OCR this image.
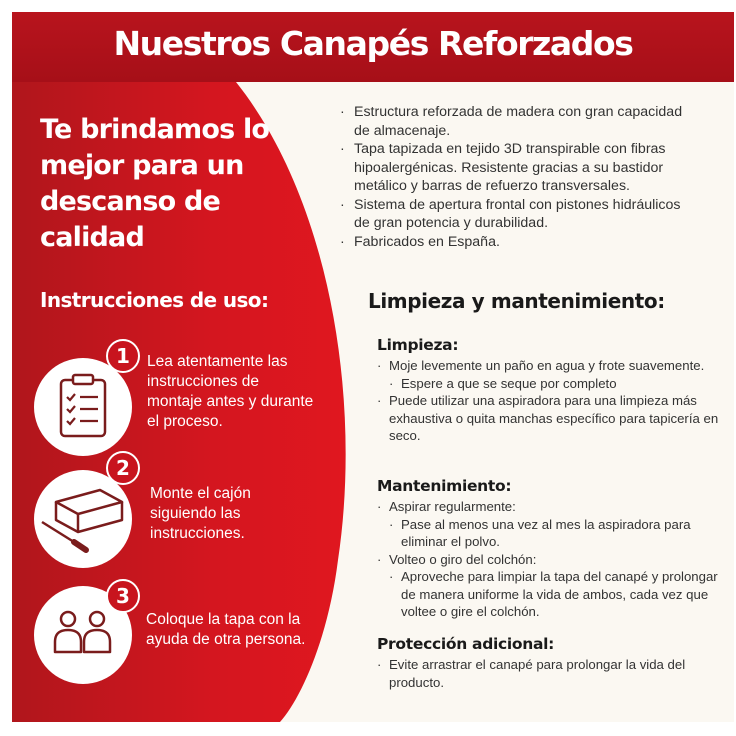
Nuestros Canapés Reforzados

Te brindamos lo mejor para un descanso de calidad

Instrucciones de uso:

1	Lea atentamente las instrucciones de montaje antes y durante el proceso.
2
Monte el cajón siguiendo las instrucciones.
3
Coloque la tapa con la ayuda de otra persona.
· Estructura reforzada de madera con gran capacidad de almacenaje.
· Tapa tapizada en tejido 3D transpirable con fibras hipoalergénicas. Resistente gracias a su bastidor metálico y barras de refuerzo transversales.
· Sistema de apertura frontal con pistones hidráulicos de gran potencia y durabilidad.
· Fabricados en España.
Limpieza y mantenimiento:

Limpieza:

· Moje levemente un paño en agua y frote suavemente.
· Espere a que se seque por completo
· Puede utilizar una aspiradora para una limpieza más exhaustiva o quita manchas específico para tapicería en seco.

Mantenimiento:

· Aspirar regularmente:
· Pase al menos una vez al mes la aspiradora para eliminar el polvo.
· Volteo o giro del colchón:
· Aproveche para limpiar la tapa del canapé y prolongar de manera uniforme la vida de ambos, cada vez que voltee o gire el colchón.

Protección adicional:

· Evite arrastrar el canapé para prolongar la vida del producto.
